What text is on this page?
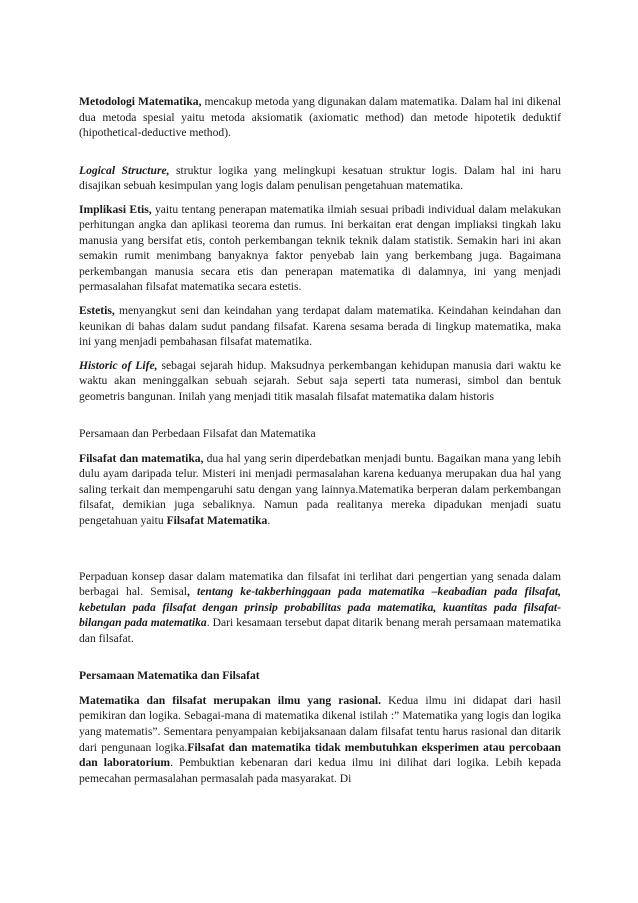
Metodologi Matematika, mencakup metoda yang digunakan dalam matematika. Dalam hal ini dikenal dua metoda spesial yaitu metoda aksiomatik (axiomatic method) dan metode hipotetik deduktif (hipothetical-deductive method).

Logical Structure, struktur logika yang melingkupi kesatuan struktur logis. Dalam hal ini haru disajikan sebuah kesimpulan yang logis dalam penulisan pengetahuan matematika.

Implikasi Etis, yaitu tentang penerapan matematika ilmiah sesuai pribadi individual dalam melakukan perhitungan angka dan aplikasi teorema dan rumus. Ini berkaitan erat dengan impliaksi tingkah laku manusia yang bersifat etis, contoh perkembangan teknik teknik dalam statistik. Semakin hari ini akan semakin rumit menimbang banyaknya faktor penyebab lain yang berkembang juga. Bagaimana perkembangan manusia secara etis dan penerapan matematika di dalamnya, ini yang menjadi permasalahan filsafat matematika secara estetis.

Estetis, menyangkut seni dan keindahan yang terdapat dalam matematika. Keindahan keindahan dan keunikan di bahas dalam sudut pandang filsafat. Karena sesama berada di lingkup matematika, maka ini yang menjadi pembahasan filsafat matematika.

Historic of Life, sebagai sejarah hidup. Maksudnya perkembangan kehidupan manusia dari waktu ke waktu akan meninggalkan sebuah sejarah. Sebut saja seperti tata numerasi, simbol dan bentuk geometris bangunan. Inilah yang menjadi titik masalah filsafat matematika dalam historis

Persamaan dan Perbedaan Filsafat dan Matematika

Filsafat dan matematika, dua hal yang serin diperdebatkan menjadi buntu. Bagaikan mana yang lebih dulu ayam daripada telur. Misteri ini menjadi permasalahan karena keduanya merupakan dua hal yang saling terkait dan mempengaruhi satu dengan yang lainnya.Matematika berperan dalam perkembangan filsafat, demikian juga sebaliknya. Namun pada realitanya mereka dipadukan menjadi suatu pengetahuan yaitu Filsafat Matematika.

Perpaduan konsep dasar dalam matematika dan filsafat ini terlihat dari pengertian yang senada dalam berbagai hal. Semisal, tentang ke-takberhinggaan pada matematika –keabadian pada filsafat, kebetulan pada filsafat dengan prinsip probabilitas pada matematika, kuantitas pada filsafat-bilangan pada matematika. Dari kesamaan tersebut dapat ditarik benang merah persamaan matematika dan filsafat.

Persamaan Matematika dan Filsafat

Matematika dan filsafat merupakan ilmu yang rasional. Kedua ilmu ini didapat dari hasil pemikiran dan logika. Sebagai-mana di matematika dikenal istilah :” Matematika yang logis dan logika yang matematis”. Sementara penyampaian kebijaksanaan dalam filsafat tentu harus rasional dan ditarik dari pengunaan logika.Filsafat dan matematika tidak membutuhkan eksperimen atau percobaan dan laboratorium. Pembuktian kebenaran dari kedua ilmu ini dilihat dari logika. Lebih kepada pemecahan permasalahan permasalah pada masyarakat. Di
